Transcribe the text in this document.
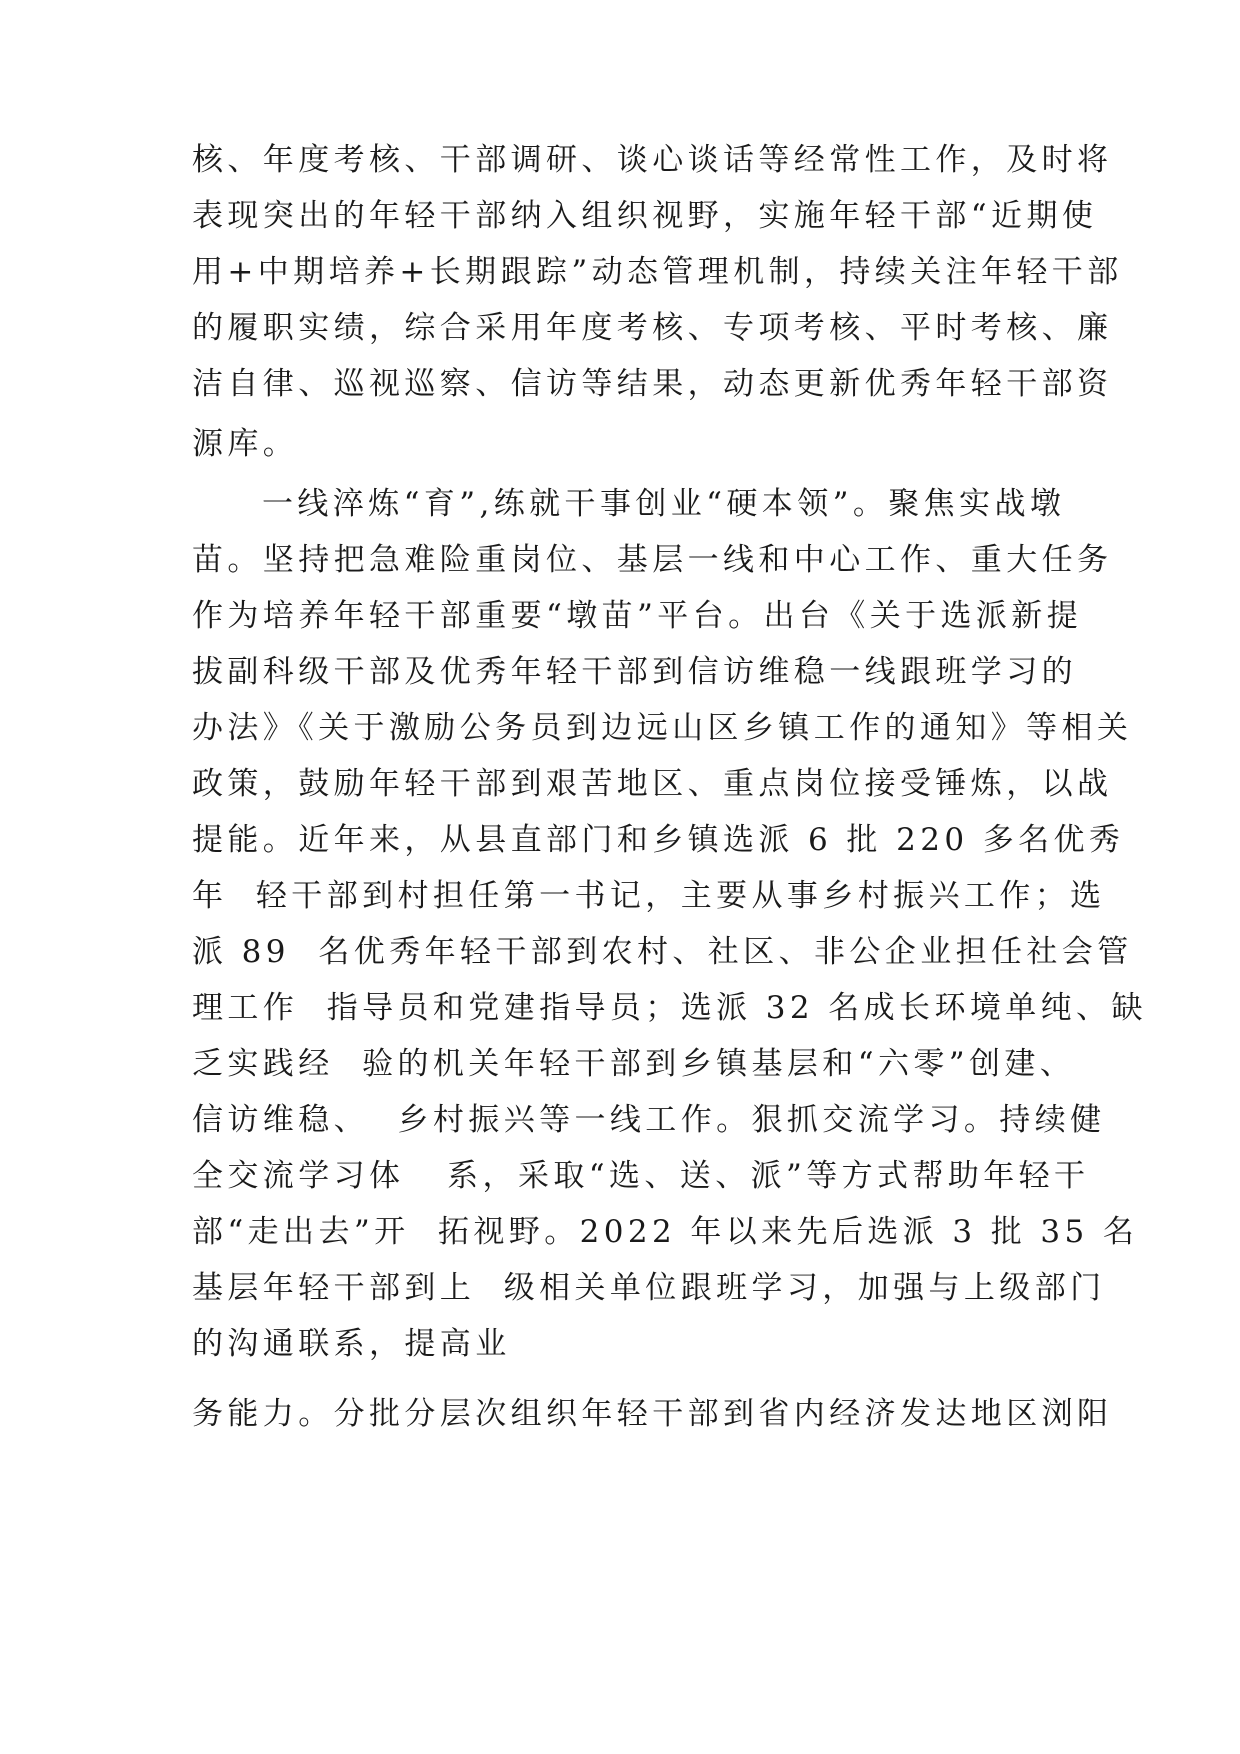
核、年度考核、干部调研、谈心谈话等经常性工作，及时将

表现突出的年轻干部纳入组织视野，实施年轻干部“近期使

用+中期培养+长期跟踪”动态管理机制，持续关注年轻干部

的履职实绩，综合采用年度考核、专项考核、平时考核、廉

洁自律、巡视巡察、信访等结果，动态更新优秀年轻干部资

源库。

一线淬炼“育”,练就干事创业“硬本领”。聚焦实战墩

苗。坚持把急难险重岗位、基层一线和中心工作、重大任务

作为培养年轻干部重要“墩苗”平台。出台《关于选派新提

拔副科级干部及优秀年轻干部到信访维稳一线跟班学习的

办法》《关于激励公务员到边远山区乡镇工作的通知》等相关

政策，鼓励年轻干部到艰苦地区、重点岗位接受锤炼，以战

提能。近年来，从县直部门和乡镇选派 6 批 220 多名优秀

年  轻干部到村担任第一书记，主要从事乡村振兴工作；选

派 89  名优秀年轻干部到农村、社区、非公企业担任社会管

理工作  指导员和党建指导员；选派 32 名成长环境单纯、缺

乏实践经  验的机关年轻干部到乡镇基层和“六零”创建、

信访维稳、  乡村振兴等一线工作。狠抓交流学习。持续健

全交流学习体   系，采取“选、送、派”等方式帮助年轻干

部“走出去”开  拓视野。2022 年以来先后选派 3 批 35 名

基层年轻干部到上  级相关单位跟班学习，加强与上级部门

的沟通联系，提高业

务能力。分批分层次组织年轻干部到省内经济发达地区浏阳
